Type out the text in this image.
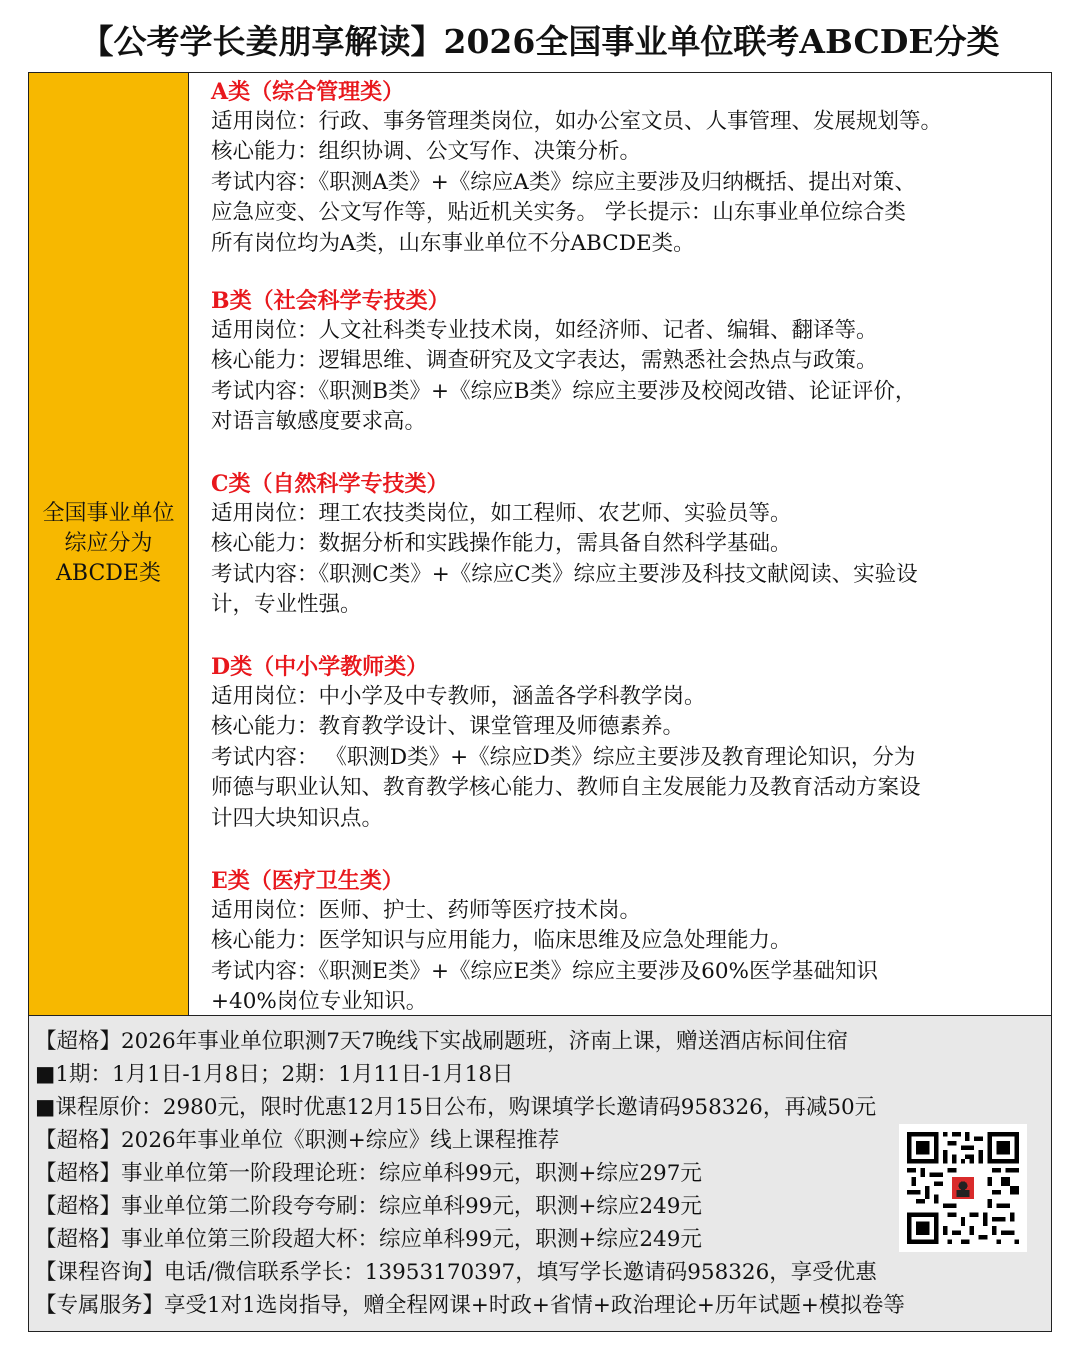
【公考学长姜朋享解读】2026全国事业单位联考ABCDE分类
全国事业单位
综应分为
ABCDE类
A类（综合管理类）
适用岗位：行政、事务管理类岗位，如办公室文员、人事管理、发展规划等。
核心能力：组织协调、公文写作、决策分析。
考试内容：《职测A类》+《综应A类》综应主要涉及归纳概括、提出对策、
应急应变、公文写作等，贴近机关实务。 学长提示：山东事业单位综合类
所有岗位均为A类，山东事业单位不分ABCDE类。
B类（社会科学专技类）
适用岗位：人文社科类专业技术岗，如经济师、记者、编辑、翻译等。
核心能力：逻辑思维、调查研究及文字表达，需熟悉社会热点与政策。
考试内容：《职测B类》+《综应B类》综应主要涉及校阅改错、论证评价，
对语言敏感度要求高。
C类（自然科学专技类）
适用岗位：理工农技类岗位，如工程师、农艺师、实验员等。
核心能力：数据分析和实践操作能力，需具备自然科学基础。
考试内容：《职测C类》+《综应C类》综应主要涉及科技文献阅读、实验设
计，专业性强。
D类（中小学教师类）
适用岗位：中小学及中专教师，涵盖各学科教学岗。
核心能力：教育教学设计、课堂管理及师德素养。
考试内容： 《职测D类》+《综应D类》综应主要涉及教育理论知识，分为
师德与职业认知、教育教学核心能力、教师自主发展能力及教育活动方案设
计四大块知识点。
E类（医疗卫生类）
适用岗位：医师、护士、药师等医疗技术岗。
核心能力：医学知识与应用能力，临床思维及应急处理能力。
考试内容：《职测E类》+《综应E类》综应主要涉及60%医学基础知识
+40%岗位专业知识。
【超格】2026年事业单位职测7天7晚线下实战刷题班，济南上课，赠送酒店标间住宿
■1期：1月1日-1月8日；2期：1月11日-1月18日
■课程原价：2980元，限时优惠12月15日公布，购课填学长邀请码958326，再减50元
【超格】2026年事业单位《职测+综应》线上课程推荐
【超格】事业单位第一阶段理论班：综应单科99元，职测+综应297元
【超格】事业单位第二阶段夸夸刷：综应单科99元，职测+综应249元
【超格】事业单位第三阶段超大杯：综应单科99元，职测+综应249元
【课程咨询】电话/微信联系学长：13953170397，填写学长邀请码958326，享受优惠
【专属服务】享受1对1选岗指导，赠全程网课+时政+省情+政治理论+历年试题+模拟卷等
